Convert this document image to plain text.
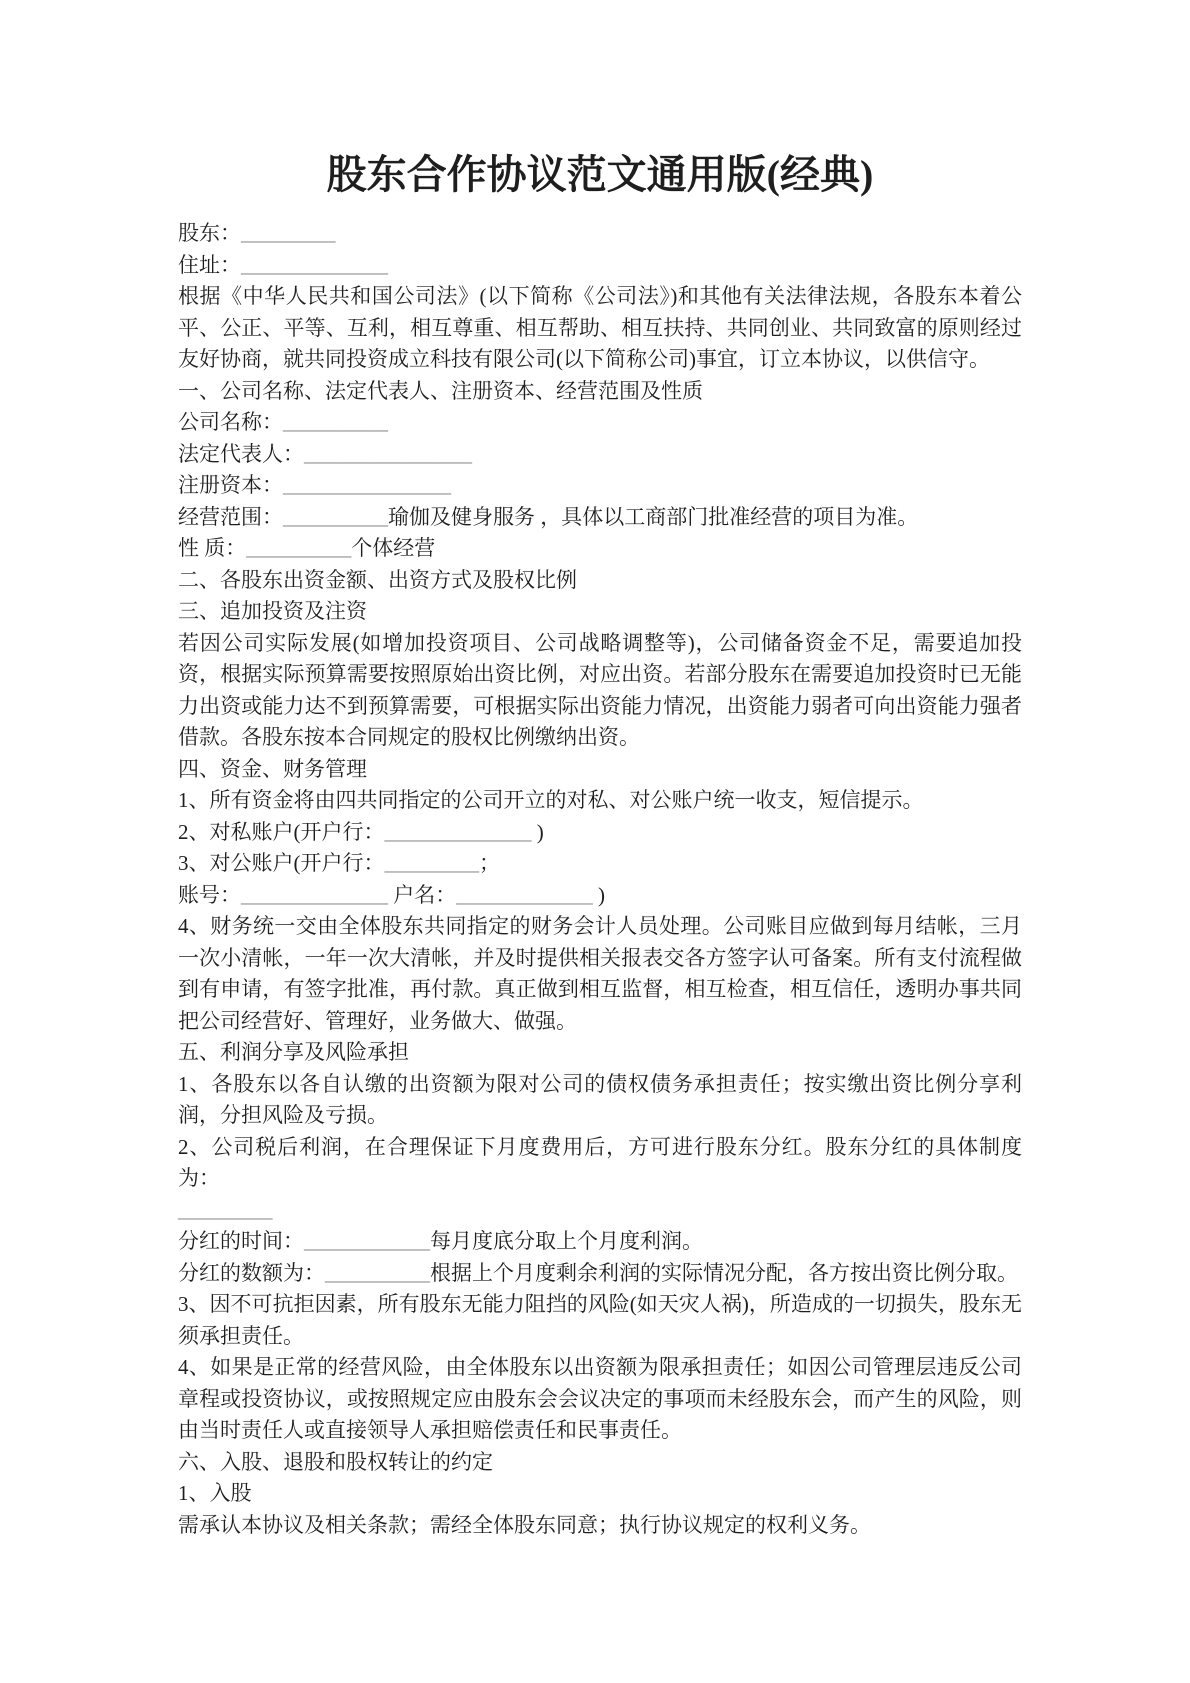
股东合作协议范文通用版(经典)

股东：_________

住址：______________

根据《中华人民共和国公司法》(以下简称《公司法》)和其他有关法律法规，各股东本着公平、公正、平等、互利，相互尊重、相互帮助、相互扶持、共同创业、共同致富的原则经过友好协商，就共同投资成立科技有限公司(以下简称公司)事宜，订立本协议，以供信守。

一、公司名称、法定代表人、注册资本、经营范围及性质

公司名称：__________

法定代表人：________________

注册资本：________________

经营范围：__________瑜伽及健身服务 ，具体以工商部门批准经营的项目为准。

性 质：__________个体经营

二、各股东出资金额、出资方式及股权比例

三、追加投资及注资

若因公司实际发展(如增加投资项目、公司战略调整等)，公司储备资金不足，需要追加投资，根据实际预算需要按照原始出资比例，对应出资。若部分股东在需要追加投资时已无能力出资或能力达不到预算需要，可根据实际出资能力情况，出资能力弱者可向出资能力强者借款。各股东按本合同规定的股权比例缴纳出资。

四、资金、财务管理

1、所有资金将由四共同指定的公司开立的对私、对公账户统一收支，短信提示。

2、对私账户(开户行：______________ )

3、对公账户(开户行：_________；

账号：______________ 户名：_____________ )

4、财务统一交由全体股东共同指定的财务会计人员处理。公司账目应做到每月结帐，三月一次小清帐，一年一次大清帐，并及时提供相关报表交各方签字认可备案。所有支付流程做到有申请，有签字批准，再付款。真正做到相互监督，相互检查，相互信任，透明办事共同把公司经营好、管理好，业务做大、做强。

五、利润分享及风险承担

1、各股东以各自认缴的出资额为限对公司的债权债务承担责任；按实缴出资比例分享利润，分担风险及亏损。

2、公司税后利润，在合理保证下月度费用后，方可进行股东分红。股东分红的具体制度为：

_________

分红的时间：____________每月度底分取上个月度利润。

分红的数额为：__________根据上个月度剩余利润的实际情况分配，各方按出资比例分取。

3、因不可抗拒因素，所有股东无能力阻挡的风险(如天灾人祸)，所造成的一切损失，股东无须承担责任。

4、如果是正常的经营风险，由全体股东以出资额为限承担责任；如因公司管理层违反公司章程或投资协议，或按照规定应由股东会会议决定的事项而未经股东会，而产生的风险，则由当时责任人或直接领导人承担赔偿责任和民事责任。

六、入股、退股和股权转让的约定

1、入股

需承认本协议及相关条款；需经全体股东同意；执行协议规定的权利义务。
